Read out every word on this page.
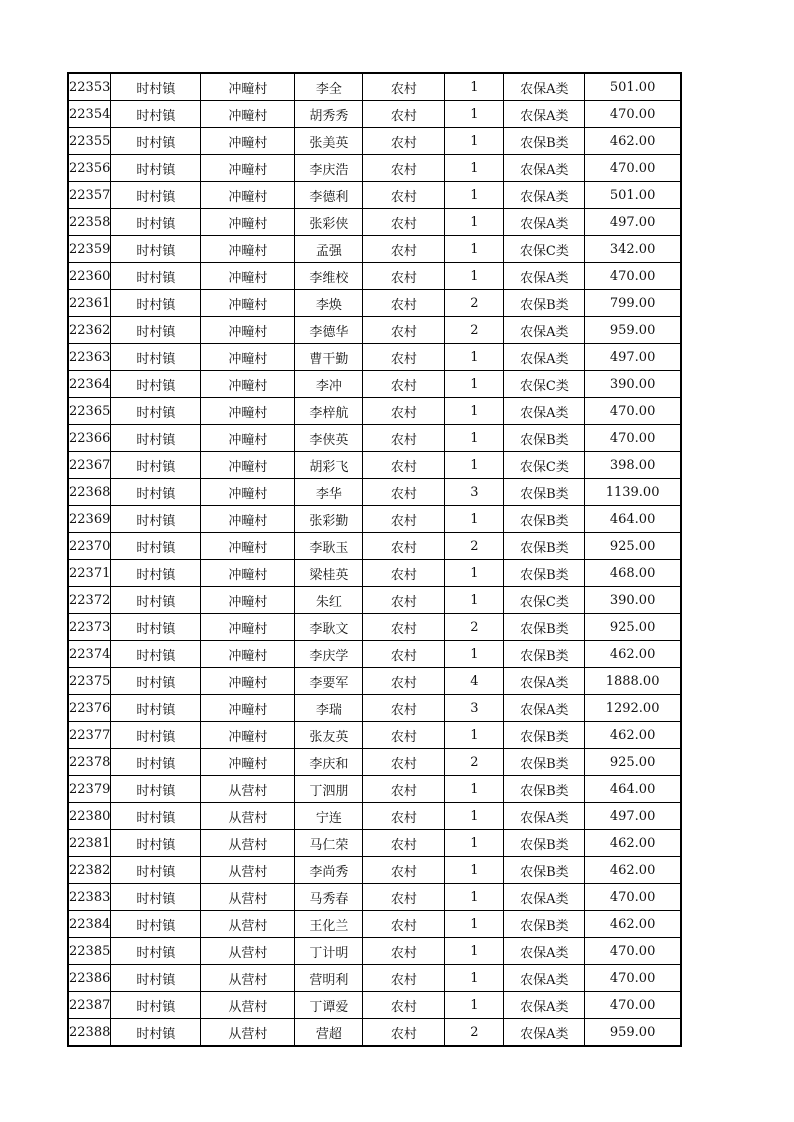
22353	时村镇	冲疃村	李全	农村	1	农保A类	501.00
22354	时村镇	冲疃村	胡秀秀	农村	1	农保A类	470.00
22355	时村镇	冲疃村	张美英	农村	1	农保B类	462.00
22356	时村镇	冲疃村	李庆浩	农村	1	农保A类	470.00
22357	时村镇	冲疃村	李德利	农村	1	农保A类	501.00
22358	时村镇	冲疃村	张彩侠	农村	1	农保A类	497.00
22359	时村镇	冲疃村	孟强	农村	1	农保C类	342.00
22360	时村镇	冲疃村	李维校	农村	1	农保A类	470.00
22361	时村镇	冲疃村	李焕	农村	2	农保B类	799.00
22362	时村镇	冲疃村	李德华	农村	2	农保A类	959.00
22363	时村镇	冲疃村	曹干勤	农村	1	农保A类	497.00
22364	时村镇	冲疃村	李冲	农村	1	农保C类	390.00
22365	时村镇	冲疃村	李梓航	农村	1	农保A类	470.00
22366	时村镇	冲疃村	李侠英	农村	1	农保B类	470.00
22367	时村镇	冲疃村	胡彩飞	农村	1	农保C类	398.00
22368	时村镇	冲疃村	李华	农村	3	农保B类	1139.00
22369	时村镇	冲疃村	张彩勤	农村	1	农保B类	464.00
22370	时村镇	冲疃村	李耿玉	农村	2	农保B类	925.00
22371	时村镇	冲疃村	梁桂英	农村	1	农保B类	468.00
22372	时村镇	冲疃村	朱红	农村	1	农保C类	390.00
22373	时村镇	冲疃村	李耿文	农村	2	农保B类	925.00
22374	时村镇	冲疃村	李庆学	农村	1	农保B类	462.00
22375	时村镇	冲疃村	李要军	农村	4	农保A类	1888.00
22376	时村镇	冲疃村	李瑞	农村	3	农保A类	1292.00
22377	时村镇	冲疃村	张友英	农村	1	农保B类	462.00
22378	时村镇	冲疃村	李庆和	农村	2	农保B类	925.00
22379	时村镇	从营村	丁泗朋	农村	1	农保B类	464.00
22380	时村镇	从营村	宁连	农村	1	农保A类	497.00
22381	时村镇	从营村	马仁荣	农村	1	农保B类	462.00
22382	时村镇	从营村	李尚秀	农村	1	农保B类	462.00
22383	时村镇	从营村	马秀春	农村	1	农保A类	470.00
22384	时村镇	从营村	王化兰	农村	1	农保B类	462.00
22385	时村镇	从营村	丁计明	农村	1	农保A类	470.00
22386	时村镇	从营村	营明利	农村	1	农保A类	470.00
22387	时村镇	从营村	丁谭爱	农村	1	农保A类	470.00
22388	时村镇	从营村	营超	农村	2	农保A类	959.00
